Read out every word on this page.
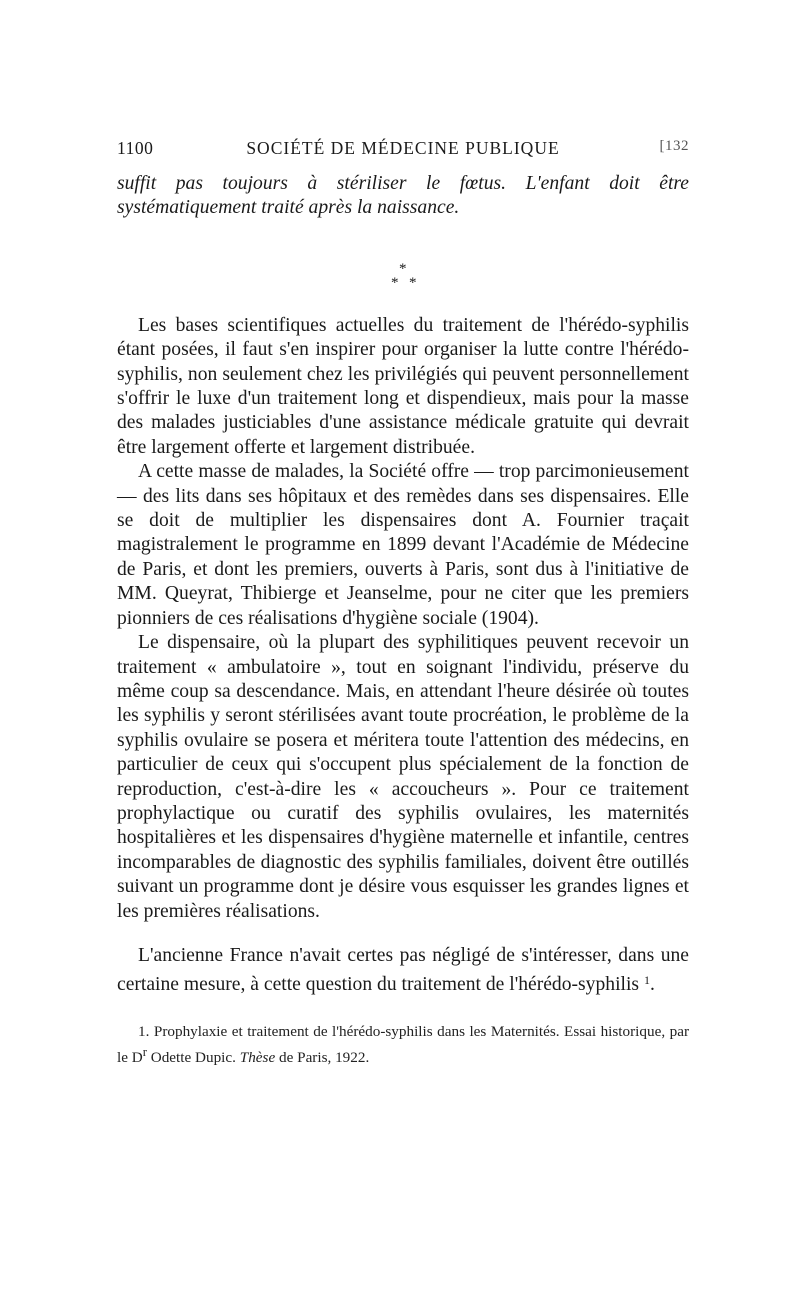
1100	SOCIÉTÉ DE MÉDECINE PUBLIQUE	[132

suffit pas toujours à stériliser le fœtus. L'enfant doit être systématiquement traité après la naissance.

*
* *

Les bases scientifiques actuelles du traitement de l'hérédo-syphilis étant posées, il faut s'en inspirer pour organiser la lutte contre l'hérédo-syphilis, non seulement chez les privilégiés qui peuvent personnellement s'offrir le luxe d'un traitement long et dispendieux, mais pour la masse des malades justiciables d'une assistance médicale gratuite qui devrait être largement offerte et largement distribuée.

A cette masse de malades, la Société offre — trop parcimonieusement — des lits dans ses hôpitaux et des remèdes dans ses dispensaires. Elle se doit de multiplier les dispensaires dont A. Fournier traçait magistralement le programme en 1899 devant l'Académie de Médecine de Paris, et dont les premiers, ouverts à Paris, sont dus à l'initiative de MM. Queyrat, Thibierge et Jeanselme, pour ne citer que les premiers pionniers de ces réalisations d'hygiène sociale (1904).

Le dispensaire, où la plupart des syphilitiques peuvent recevoir un traitement « ambulatoire », tout en soignant l'individu, préserve du même coup sa descendance. Mais, en attendant l'heure désirée où toutes les syphilis y seront stérilisées avant toute procréation, le problème de la syphilis ovulaire se posera et méritera toute l'attention des médecins, en particulier de ceux qui s'occupent plus spécialement de la fonction de reproduction, c'est-à-dire les « accoucheurs ». Pour ce traitement prophylactique ou curatif des syphilis ovulaires, les maternités hospitalières et les dispensaires d'hygiène maternelle et infantile, centres incomparables de diagnostic des syphilis familiales, doivent être outillés suivant un programme dont je désire vous esquisser les grandes lignes et les premières réalisations.

L'ancienne France n'avait certes pas négligé de s'intéresser, dans une certaine mesure, à cette question du traitement de l'hérédo-syphilis $^1$.

1. Prophylaxie et traitement de l'hérédo-syphilis dans les Maternités. Essai historique, par le $D^r$ Odette Dupic. Thèse de Paris, 1922.
